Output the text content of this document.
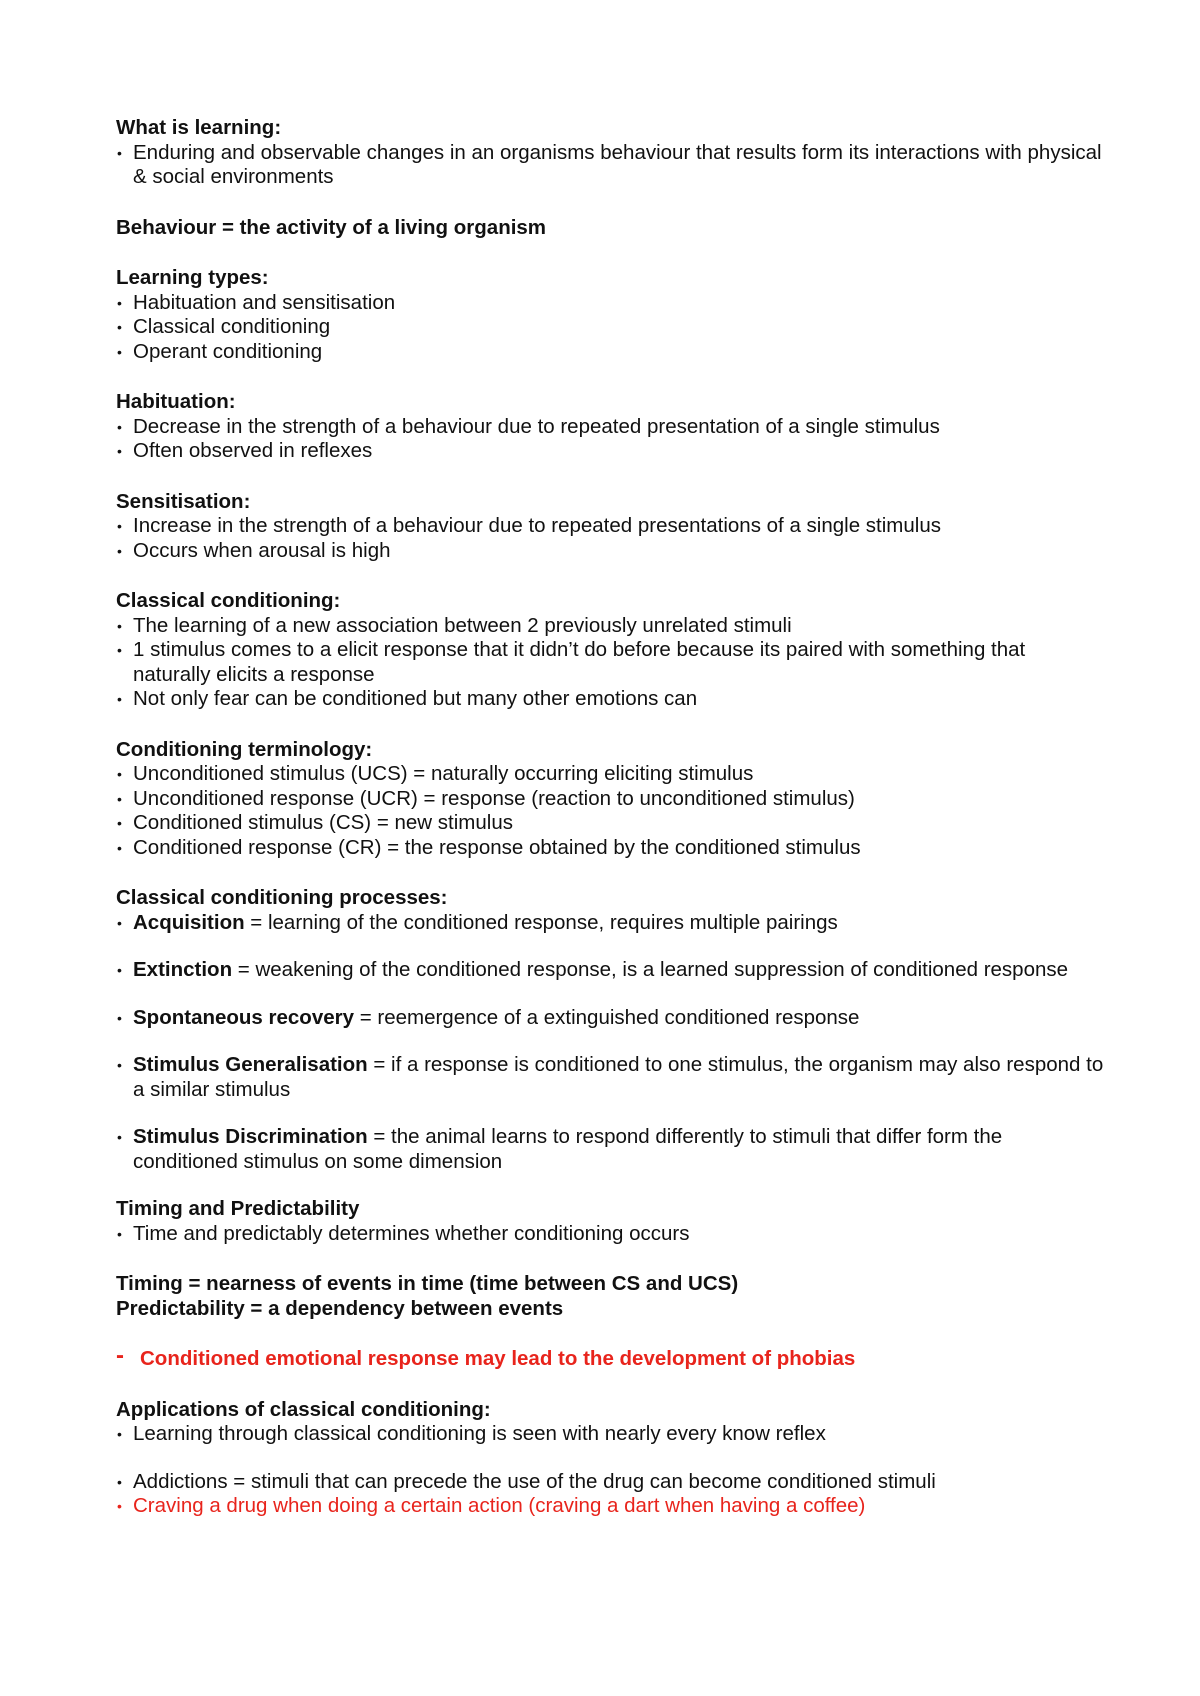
What is learning:

• Enduring and observable changes in an organisms behaviour that results form its interactions with physical & social environments

Behaviour = the activity of a living organism

Learning types:

• Habituation and sensitisation

• Classical conditioning

• Operant conditioning

Habituation:

• Decrease in the strength of a behaviour due to repeated presentation of a single stimulus

• Often observed in reflexes

Sensitisation:

• Increase in the strength of a behaviour due to repeated presentations of a single stimulus

• Occurs when arousal is high

Classical conditioning:

• The learning of a new association between 2 previously unrelated stimuli

• 1 stimulus comes to a elicit response that it didn’t do before because its paired with something that naturally elicits a response

• Not only fear can be conditioned but many other emotions can

Conditioning terminology:

• Unconditioned stimulus (UCS) = naturally occurring eliciting stimulus

• Unconditioned response (UCR) = response (reaction to unconditioned stimulus)

• Conditioned stimulus (CS) = new stimulus

• Conditioned response (CR) = the response obtained by the conditioned stimulus

Classical conditioning processes:

• Acquisition = learning of the conditioned response, requires multiple pairings

• Extinction = weakening of the conditioned response, is a learned suppression of conditioned response

• Spontaneous recovery = reemergence of a extinguished conditioned response

• Stimulus Generalisation = if a response is conditioned to one stimulus, the organism may also respond to a similar stimulus

• Stimulus Discrimination = the animal learns to respond differently to stimuli that differ form the conditioned stimulus on some dimension

Timing and Predictability

• Time and predictably determines whether conditioning occurs

Timing = nearness of events in time (time between CS and UCS)

Predictability = a dependency between events

- Conditioned emotional response may lead to the development of phobias

Applications of classical conditioning:

• Learning through classical conditioning is seen with nearly every know reflex

• Addictions = stimuli that can precede the use of the drug can become conditioned stimuli

• Craving a drug when doing a certain action (craving a dart when having a coffee)
